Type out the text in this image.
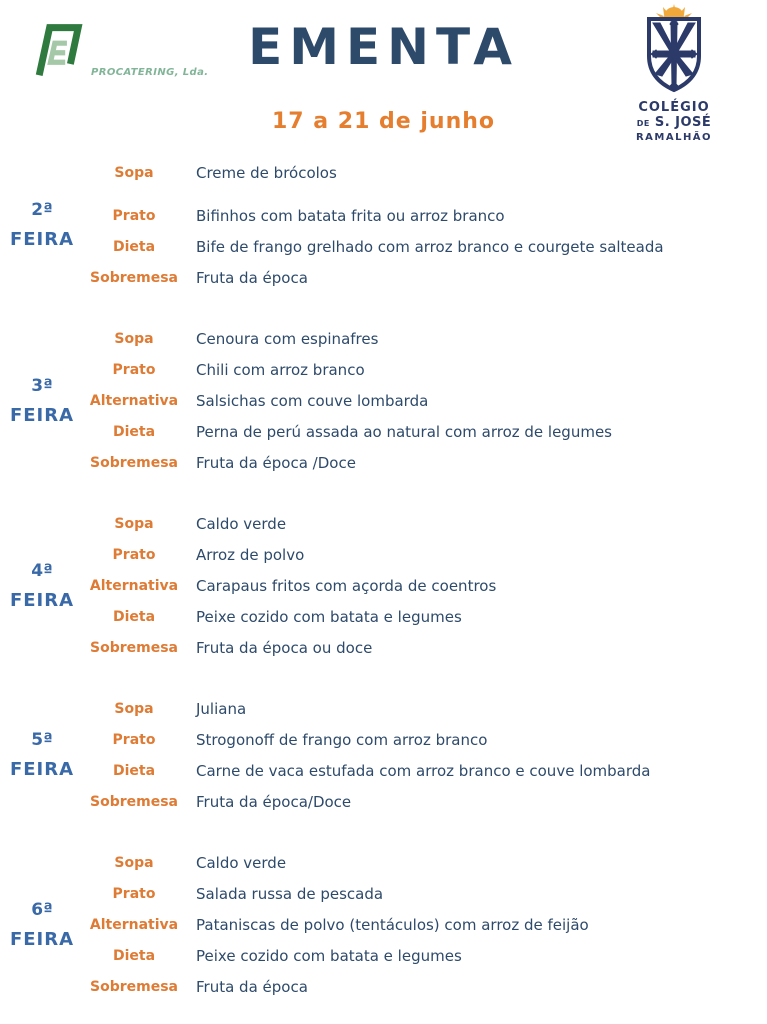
PROCATERING, Lda. EMENTA
COLÉGIO
DE S. JOSÉ
RAMALHÃO
17 a 21 de junho
2ª
FEIRA
Sopa	Creme de brócolos
Prato	Bifinhos com batata frita ou arroz branco
Dieta	Bife de frango grelhado com arroz branco e courgete salteada
Sobremesa	Fruta da época
3ª
FEIRA
Sopa	Cenoura com espinafres
Prato	Chili com arroz branco
Alternativa	Salsichas com couve lombarda
Dieta	Perna de perú assada ao natural com arroz de legumes
Sobremesa	Fruta da época /Doce
4ª
FEIRA
Sopa	Caldo verde
Prato	Arroz de polvo
Alternativa	Carapaus fritos com açorda de coentros
Dieta	Peixe cozido com batata e legumes
Sobremesa	Fruta da época ou doce
5ª
FEIRA
Sopa	Juliana
Prato	Strogonoff de frango com arroz branco
Dieta	Carne de vaca estufada com arroz branco e couve lombarda
Sobremesa	Fruta da época/Doce
6ª
FEIRA
Sopa	Caldo verde
Prato	Salada russa de pescada
Alternativa	Pataniscas de polvo (tentáculos) com arroz de feijão
Dieta	Peixe cozido com batata e legumes
Sobremesa	Fruta da época
